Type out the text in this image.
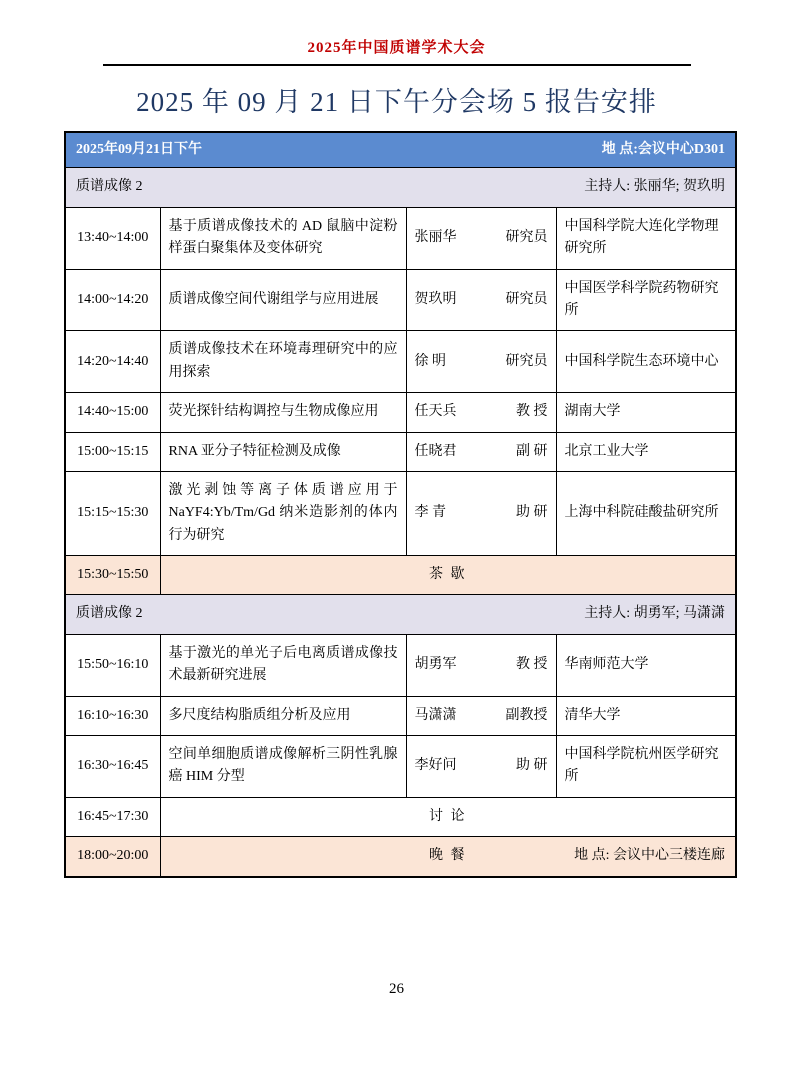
2025年中国质谱学术大会
2025 年 09 月 21 日下午分会场 5 报告安排
2025年09月21日下午 地 点:会议中心D301			

质谱成像 2 主持人: 张丽华; 贺玖明			

13:40~14:00	基于质谱成像技术的 AD 鼠脑中淀粉样蛋白聚集体及变体研究	张丽华 研究员	中国科学院大连化学物理研究所
14:00~14:20	质谱成像空间代谢组学与应用进展	贺玖明 研究员	中国医学科学院药物研究所
14:20~14:40	质谱成像技术在环境毒理研究中的应用探索	徐 明 研究员	中国科学院生态环境中心
14:40~15:00	荧光探针结构调控与生物成像应用	任天兵 教 授	湖南大学
15:00~15:15	RNA 亚分子特征检测及成像	任晓君 副 研	北京工业大学
15:15~15:30	激光剥蚀等离子体质谱应用于NaYF4:Yb/Tm/Gd 纳米造影剂的体内行为研究	李 青 助 研	上海中科院硅酸盐研究所
15:30~15:50	茶 歇		

质谱成像 2 主持人: 胡勇军; 马潇潇			

15:50~16:10	基于激光的单光子后电离质谱成像技术最新研究进展	胡勇军 教 授	华南师范大学
16:10~16:30	多尺度结构脂质组分析及应用	马潇潇 副教授	清华大学
16:30~16:45	空间单细胞质谱成像解析三阴性乳腺癌 HIM 分型	李好问 助 研	中国科学院杭州医学研究所
16:45~17:30	讨 论		
18:00~20:00	晚 餐 地 点: 会议中心三楼连廊		
26
